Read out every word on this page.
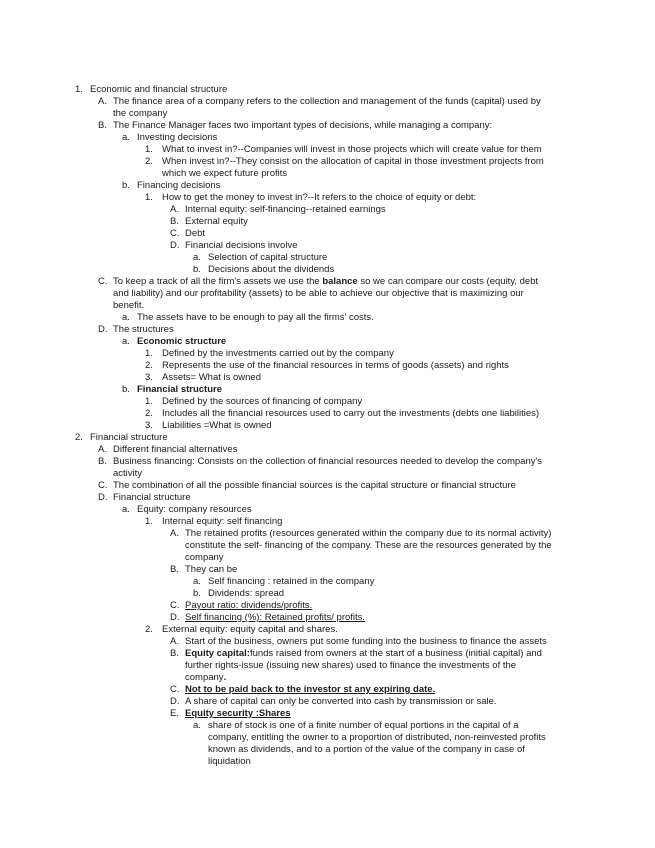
1. Economic and financial structure
A. The finance area of a company refers to the collection and management of the funds (capital) used by
the company
B. The Finance Manager faces two important types of decisions, while managing a company:
a. Investing decisions
1. What to invest in?--Companies will invest in those projects which will create value for them
2. When invest in?--They consist on the allocation of capital in those investment projects from
which we expect future profits
b. Financing decisions
1. How to get the money to invest in?--It refers to the choice of equity or debt:
A. Internal equity: self-financing--retained earnings
B. External equity
C. Debt
D. Financial decisions involve
a. Selection of capital structure
b. Decisions about the dividends
C. To keep a track of all the firm's assets we use the balance so we can compare our costs (equity, debt
and liability) and our profitability (assets) to be able to achieve our objective that is maximizing our
benefit.
a. The assets have to be enough to pay all the firms' costs.
D. The structures
a. Economic structure
1. Defined by the investments carried out by the company
2. Represents the use of the financial resources in terms of goods (assets) and rights
3. Assets= What is owned
b. Financial structure
1. Defined by the sources of financing of company
2. Includes all the financial resources used to carry out the investments (debts one liabilities)
3. Liabilities =What is owned
2. Financial structure
A. Different financial alternatives
B. Business financing: Consists on the collection of financial resources needed to develop the company's
activity
C. The combination of all the possible financial sources is the capital structure or financial structure
D. Financial structure
a. Equity: company resources
1. Internal equity: self financing
A. The retained profits (resources generated within the company due to its normal activity)
constitute the self- financing of the company. These are the resources generated by the
company
B. They can be
a. Self financing : retained in the company
b. Dividends: spread
C. Payout ratio: dividends/profits.
D. Self financing (%): Retained profits/ profits.
2. External equity: equity capital and shares.
A. Start of the business, owners put some funding into the business to finance the assets
B. Equity capital:funds raised from owners at the start of a business (initial capital) and
further rights-issue (issuing new shares) used to finance the investments of the
company.
C. Not to be paid back to the investor st any expiring date.
D. A share of capital can only be converted into cash by transmission or sale.
E. Equity security :Shares
a. share of stock is one of a finite number of equal portions in the capital of a
company, entitling the owner to a proportion of distributed, non-reinvested profits
known as dividends, and to a portion of the value of the company in case of
liquidation
